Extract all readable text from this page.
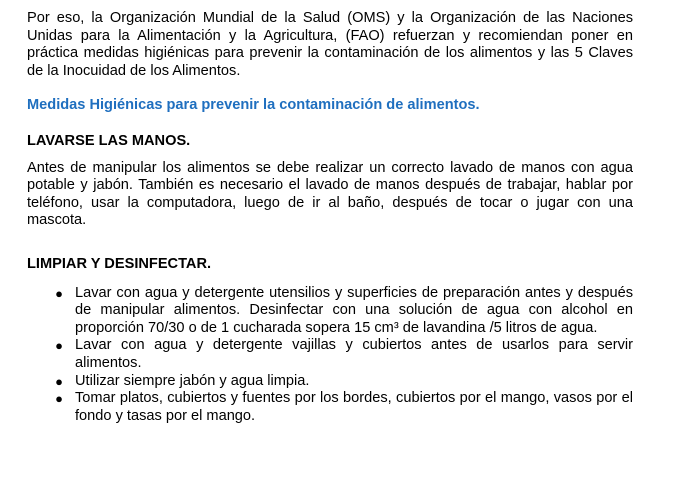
Por eso, la Organización Mundial de la Salud (OMS) y la Organización de las Naciones Unidas para la Alimentación y la Agricultura, (FAO) refuerzan y recomiendan poner en práctica medidas higiénicas para prevenir la contaminación de los alimentos y las 5 Claves de la Inocuidad de los Alimentos.

Medidas Higiénicas para prevenir la contaminación de alimentos.

LAVARSE LAS MANOS.

Antes de manipular los alimentos se debe realizar un correcto lavado de manos con agua potable y jabón. También es necesario el lavado de manos después de trabajar, hablar por teléfono, usar la computadora, luego de ir al baño, después de tocar o jugar con una mascota.

LIMPIAR Y DESINFECTAR.

● Lavar con agua y detergente utensilios y superficies de preparación antes y después de manipular alimentos. Desinfectar con una solución de agua con alcohol en proporción 70/30 o de 1 cucharada sopera 15 cm³ de lavandina /5 litros de agua.
● Lavar con agua y detergente vajillas y cubiertos antes de usarlos para servir alimentos.
● Utilizar siempre jabón y agua limpia.
● Tomar platos, cubiertos y fuentes por los bordes, cubiertos por el mango, vasos por el fondo y tasas por el mango.
